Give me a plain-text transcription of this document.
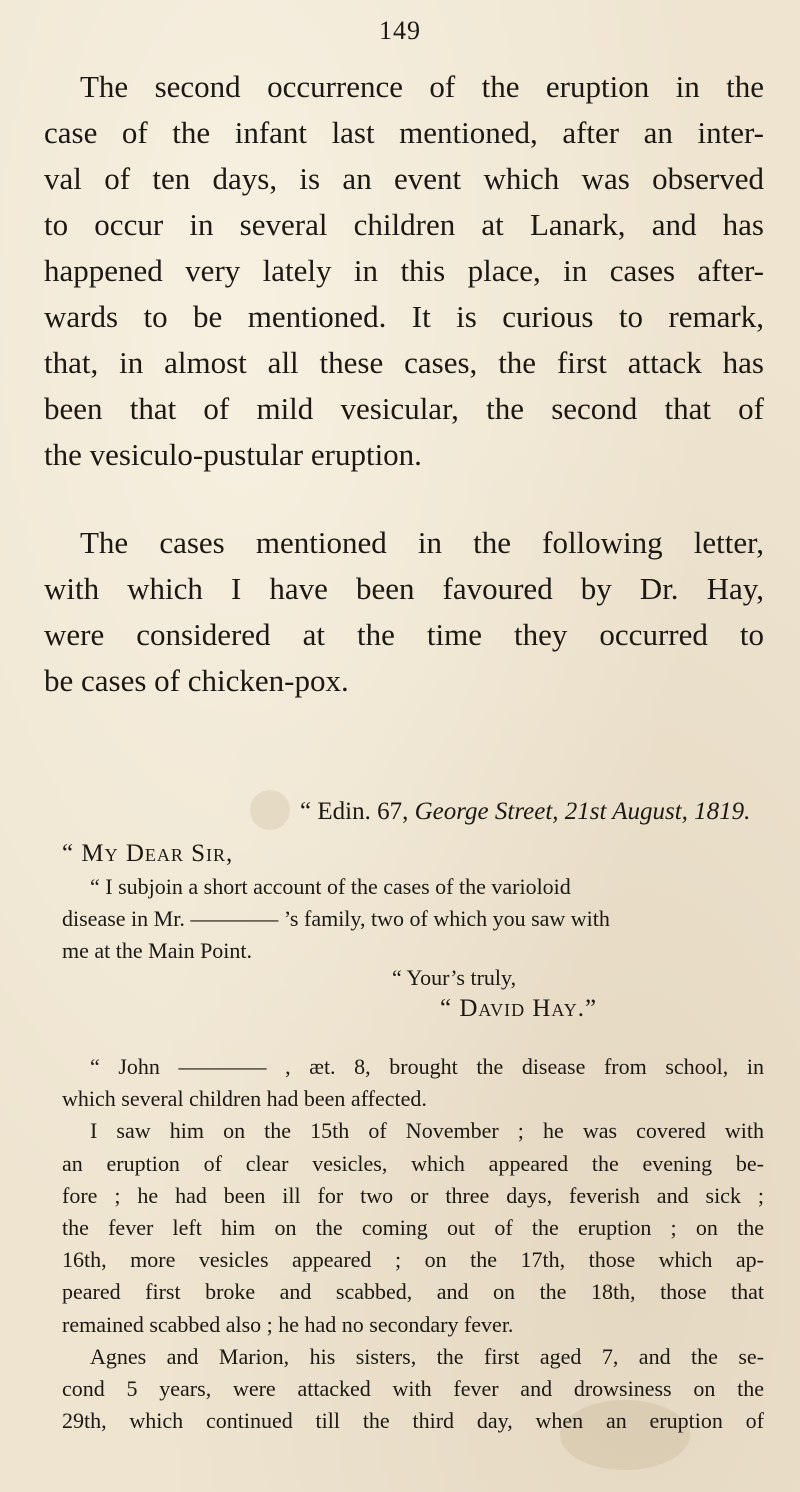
149

The second occurrence of the eruption in the
case of the infant last mentioned, after an inter-
val of ten days, is an event which was observed
to occur in several children at Lanark, and has
happened very lately in this place, in cases after-
wards to be mentioned. It is curious to remark,
that, in almost all these cases, the first attack has
been that of mild vesicular, the second that of
the vesiculo-pustular eruption.

The cases mentioned in the following letter,
with which I have been favoured by Dr. Hay,
were considered at the time they occurred to
be cases of chicken-pox.

“ Edin. 67, George Street, 21st August, 1819.
“ My Dear Sir,

“ I subjoin a short account of the cases of the varioloid
disease in Mr. ———— ’s family, two of which you saw with
me at the Main Point.

“ Your’s truly,
“ David Hay.”

“ John ———— , æt. 8, brought the disease from school, in
which several children had been affected.
I saw him on the 15th of November ; he was covered with
an eruption of clear vesicles, which appeared the evening be-
fore ; he had been ill for two or three days, feverish and sick ;
the fever left him on the coming out of the eruption ; on the
16th, more vesicles appeared ; on the 17th, those which ap-
peared first broke and scabbed, and on the 18th, those that
remained scabbed also ; he had no secondary fever.
Agnes and Marion, his sisters, the first aged 7, and the se-
cond 5 years, were attacked with fever and drowsiness on the
29th, which continued till the third day, when an eruption of
